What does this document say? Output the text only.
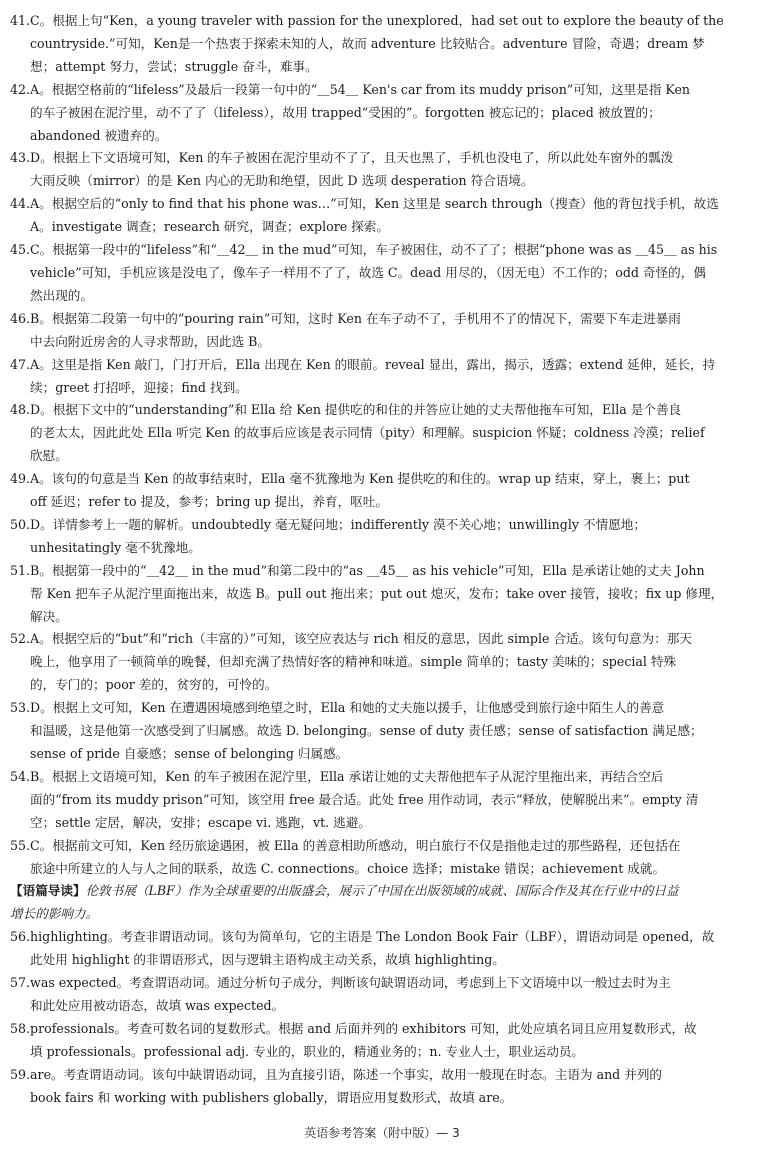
41.C。根据上句“Ken，a young traveler with passion for the unexplored，had set out to explore the beauty of the
countryside.”可知，Ken是一个热衷于探索未知的人，故而 adventure 比较贴合。adventure 冒险，奇遇；dream 梦
想；attempt 努力，尝试；struggle 奋斗，难事。

42.A。根据空格前的“lifeless”及最后一段第一句中的“＿54＿ Ken's car from its muddy prison”可知，这里是指 Ken
的车子被困在泥泞里，动不了了（lifeless），故用 trapped“受困的”。forgotten 被忘记的；placed 被放置的；
abandoned 被遗弃的。

43.D。根据上下文语境可知，Ken 的车子被困在泥泞里动不了了，且天也黑了，手机也没电了，所以此处车窗外的瓢泼
大雨反映（mirror）的是 Ken 内心的无助和绝望，因此 D 选项 desperation 符合语境。

44.A。根据空后的“only to find that his phone was…”可知，Ken 这里是 search through（搜查）他的背包找手机，故选
A。investigate 调查；research 研究，调查；explore 探索。

45.C。根据第一段中的“lifeless”和“＿42＿ in the mud”可知，车子被困住，动不了了；根据“phone was as ＿45＿ as his
vehicle”可知，手机应该是没电了，像车子一样用不了了，故选 C。dead 用尽的，（因无电）不工作的；odd 奇怪的，偶
然出现的。

46.B。根据第二段第一句中的“pouring rain”可知，这时 Ken 在车子动不了，手机用不了的情况下，需要下车走进暴雨
中去向附近房舍的人寻求帮助，因此选 B。

47.A。这里是指 Ken 敲门，门打开后，Ella 出现在 Ken 的眼前。reveal 显出，露出，揭示，透露；extend 延伸，延长，持
续；greet 打招呼，迎接；find 找到。

48.D。根据下文中的“understanding”和 Ella 给 Ken 提供吃的和住的并答应让她的丈夫帮他拖车可知，Ella 是个善良
的老太太，因此此处 Ella 听完 Ken 的故事后应该是表示同情（pity）和理解。suspicion 怀疑；coldness 冷漠；relief
欣慰。

49.A。该句的句意是当 Ken 的故事结束时，Ella 毫不犹豫地为 Ken 提供吃的和住的。wrap up 结束，穿上，裹上；put
off 延迟；refer to 提及，参考；bring up 提出，养育，呕吐。

50.D。详情参考上一题的解析。undoubtedly 毫无疑问地；indifferently 漠不关心地；unwillingly 不情愿地；
unhesitatingly 毫不犹豫地。

51.B。根据第一段中的“＿42＿ in the mud”和第二段中的“as ＿45＿ as his vehicle”可知，Ella 是承诺让她的丈夫 John
帮 Ken 把车子从泥泞里面拖出来，故选 B。pull out 拖出来；put out 熄灭，发布；take over 接管，接收；fix up 修理，
解决。

52.A。根据空后的“but”和“rich（丰富的）”可知，该空应表达与 rich 相反的意思，因此 simple 合适。该句句意为：那天
晚上，他享用了一顿简单的晚餐，但却充满了热情好客的精神和味道。simple 简单的；tasty 美味的；special 特殊
的，专门的；poor 差的，贫穷的，可怜的。

53.D。根据上文可知，Ken 在遭遇困境感到绝望之时，Ella 和她的丈夫施以援手，让他感受到旅行途中陌生人的善意
和温暖，这是他第一次感受到了归属感。故选 D. belonging。sense of duty 责任感；sense of satisfaction 满足感；
sense of pride 自豪感；sense of belonging 归属感。

54.B。根据上文语境可知，Ken 的车子被困在泥泞里，Ella 承诺让她的丈夫帮他把车子从泥泞里拖出来，再结合空后
面的“from its muddy prison”可知，该空用 free 最合适。此处 free 用作动词，表示“释放，使解脱出来”。empty 清
空；settle 定居，解决，安排；escape vi. 逃跑，vt. 逃避。

55.C。根据前文可知，Ken 经历旅途遇困，被 Ella 的善意相助所感动，明白旅行不仅是指他走过的那些路程，还包括在
旅途中所建立的人与人之间的联系，故选 C. connections。choice 选择；mistake 错误；achievement 成就。

【语篇导读】伦敦书展（LBF）作为全球重要的出版盛会，展示了中国在出版领域的成就、国际合作及其在行业中的日益
增长的影响力。

56.highlighting。考查非谓语动词。该句为简单句，它的主语是 The London Book Fair（LBF），谓语动词是 opened，故
此处用 highlight 的非谓语形式，因与逻辑主语构成主动关系，故填 highlighting。

57.was expected。考查谓语动词。通过分析句子成分，判断该句缺谓语动词，考虑到上下文语境中以一般过去时为主
和此处应用被动语态，故填 was expected。

58.professionals。考查可数名词的复数形式。根据 and 后面并列的 exhibitors 可知，此处应填名词且应用复数形式，故
填 professionals。professional adj. 专业的，职业的，精通业务的；n. 专业人士，职业运动员。

59.are。考查谓语动词。该句中缺谓语动词，且为直接引语，陈述一个事实，故用一般现在时态。主语为 and 并列的
book fairs 和 working with publishers globally，谓语应用复数形式，故填 are。

英语参考答案（附中版）— 3
